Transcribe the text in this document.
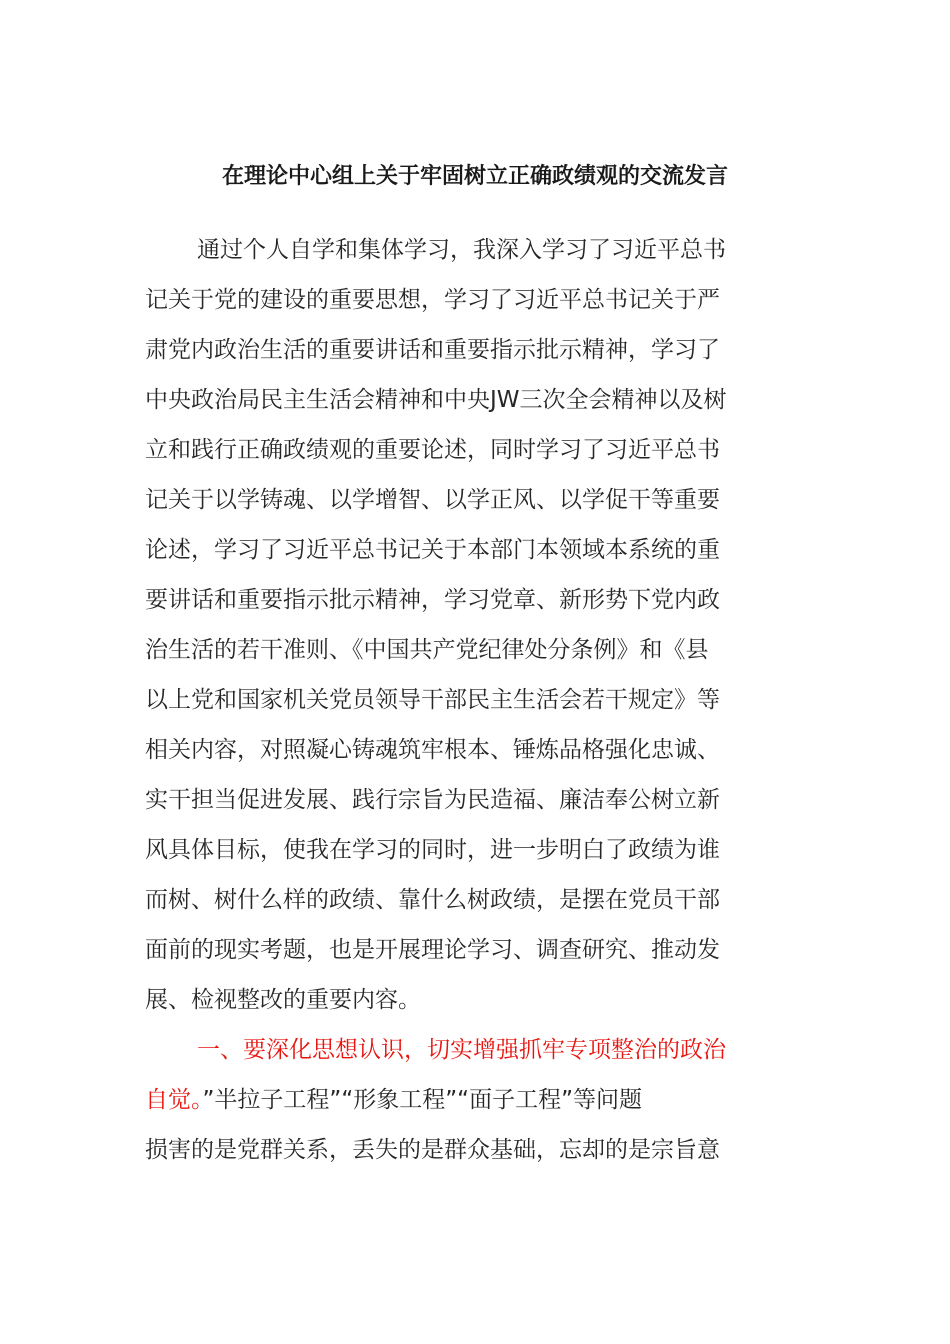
在理论中心组上关于牢固树立正确政绩观的交流发言
通过个人自学和集体学习，我深入学习了习近平总书
记关于党的建设的重要思想，学习了习近平总书记关于严
肃党内政治生活的重要讲话和重要指示批示精神，学习了
中央政治局民主生活会精神和中央JW三次全会精神以及树
立和践行正确政绩观的重要论述，同时学习了习近平总书
记关于以学铸魂、以学增智、以学正风、以学促干等重要
论述，学习了习近平总书记关于本部门本领域本系统的重
要讲话和重要指示批示精神，学习党章、新形势下党内政
治生活的若干准则、《中国共产党纪律处分条例》和《县
以上党和国家机关党员领导干部民主生活会若干规定》等
相关内容，对照凝心铸魂筑牢根本、锤炼品格强化忠诚、
实干担当促进发展、践行宗旨为民造福、廉洁奉公树立新
风具体目标，使我在学习的同时，进一步明白了政绩为谁
而树、树什么样的政绩、靠什么树政绩，是摆在党员干部
面前的现实考题，也是开展理论学习、调查研究、推动发
展、检视整改的重要内容。
一、要深化思想认识，切实增强抓牢专项整治的政治
自觉。”半拉子工程”“形象工程”“面子工程”等问题
损害的是党群关系，丢失的是群众基础，忘却的是宗旨意
